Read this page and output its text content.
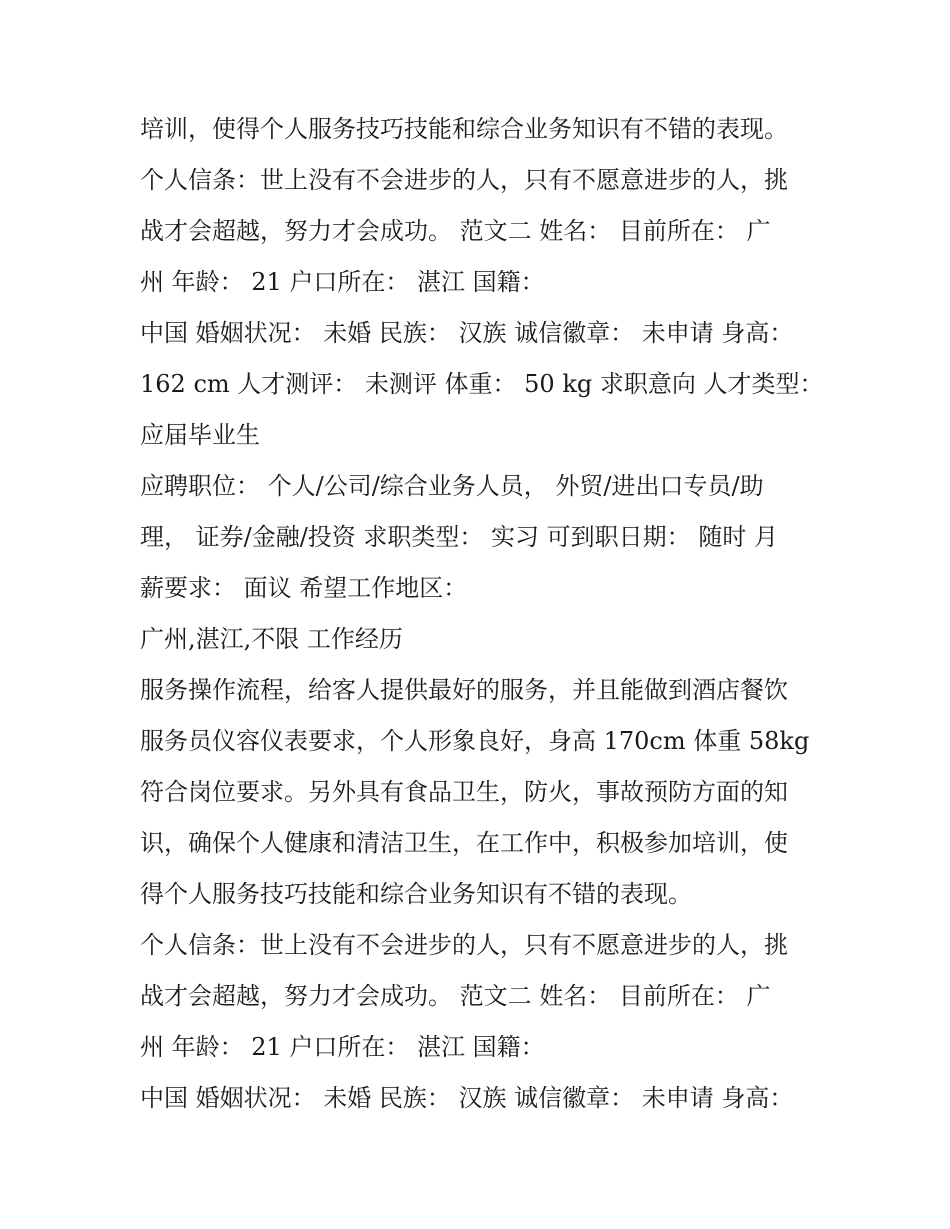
培训，使得个人服务技巧技能和综合业务知识有不错的表现。
个人信条：世上没有不会进步的人，只有不愿意进步的人，挑
战才会超越，努力才会成功。 范文二 姓名： 目前所在： 广
州 年龄： 21 户口所在： 湛江 国籍：
中国 婚姻状况： 未婚 民族： 汉族 诚信徽章： 未申请 身高：
162 cm 人才测评： 未测评 体重： 50 kg 求职意向 人才类型：
应届毕业生
应聘职位： 个人/公司/综合业务人员， 外贸/进出口专员/助
理， 证券/金融/投资 求职类型： 实习 可到职日期： 随时 月
薪要求： 面议 希望工作地区：
广州,湛江,不限 工作经历
服务操作流程，给客人提供最好的服务，并且能做到酒店餐饮
服务员仪容仪表要求，个人形象良好，身高 170cm 体重 58kg
符合岗位要求。另外具有食品卫生，防火，事故预防方面的知
识，确保个人健康和清洁卫生，在工作中，积极参加培训，使
得个人服务技巧技能和综合业务知识有不错的表现。
个人信条：世上没有不会进步的人，只有不愿意进步的人，挑
战才会超越，努力才会成功。 范文二 姓名： 目前所在： 广
州 年龄： 21 户口所在： 湛江 国籍：
中国 婚姻状况： 未婚 民族： 汉族 诚信徽章： 未申请 身高：
